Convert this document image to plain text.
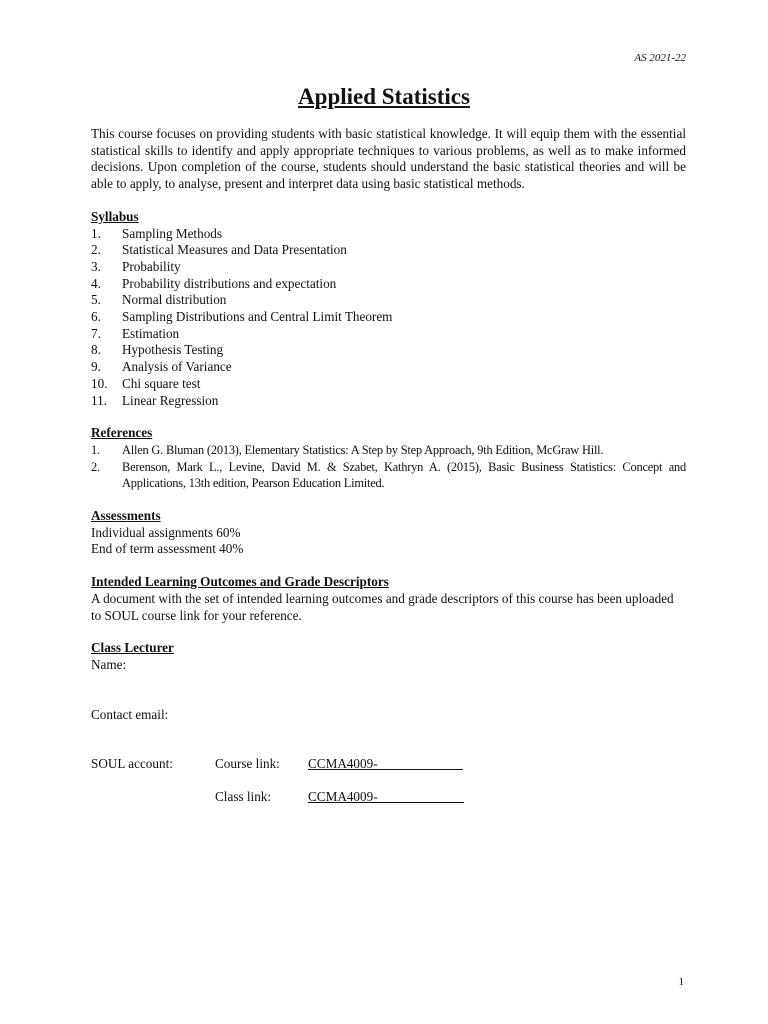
AS 2021-22
Applied Statistics

This course focuses on providing students with basic statistical knowledge. It will equip them with the essential statistical skills to identify and apply appropriate techniques to various problems, as well as to make informed decisions. Upon completion of the course, students should understand the basic statistical theories and will be able to apply, to analyse, present and interpret data using basic statistical methods.

Syllabus

1. Sampling Methods
2. Statistical Measures and Data Presentation
3. Probability
4. Probability distributions and expectation
5. Normal distribution
6. Sampling Distributions and Central Limit Theorem
7. Estimation
8. Hypothesis Testing
9. Analysis of Variance
10. Chi square test
11. Linear Regression

References

1. Allen G. Bluman (2013), Elementary Statistics: A Step by Step Approach, 9th Edition, McGraw Hill.
2. Berenson, Mark L., Levine, David M. & Szabet, Kathryn A. (2015), Basic Business Statistics: Concept and Applications, 13th edition, Pearson Education Limited.

Assessments

Individual assignments 60%

End of term assessment 40%

Intended Learning Outcomes and Grade Descriptors

A document with the set of intended learning outcomes and grade descriptors of this course has been uploaded to SOUL course link for your reference.

Class Lecturer

Name:

Contact email:

SOUL account:	Course link: CCMA4009-
Class link:	CCMA4009-
1
